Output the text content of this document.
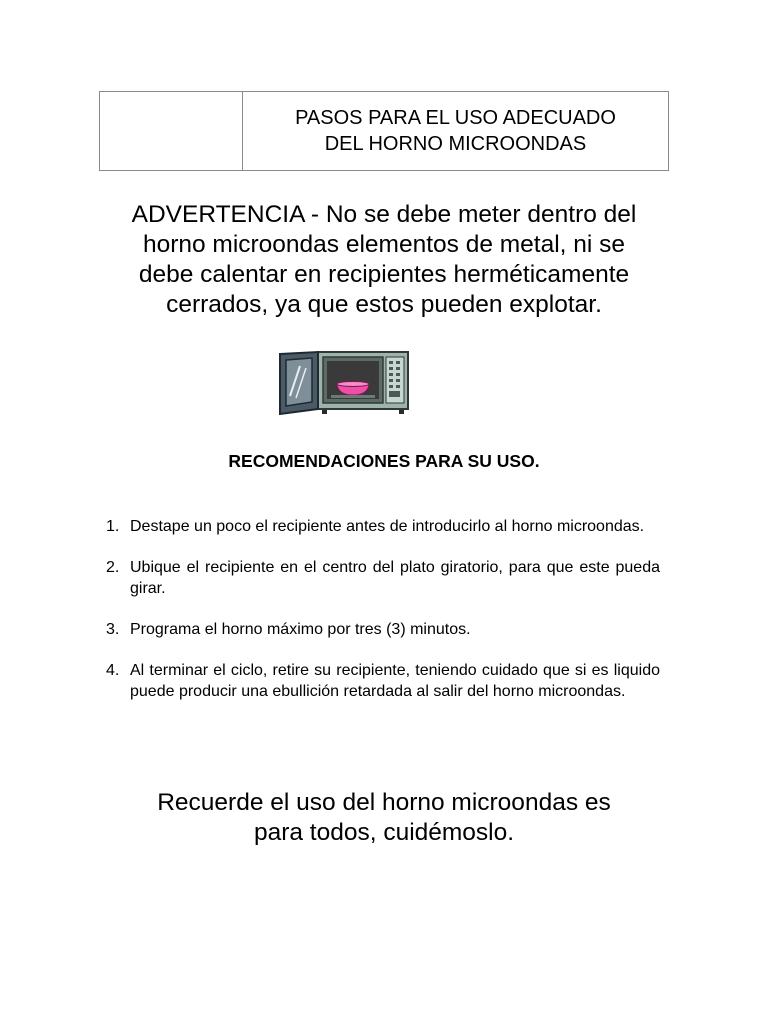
PASOS PARA EL USO ADECUADO
DEL HORNO MICROONDAS
ADVERTENCIA - No se debe meter dentro del
horno microondas elementos de metal, ni se
debe calentar en recipientes herméticamente
cerrados, ya que estos pueden explotar.
RECOMENDACIONES PARA SU USO.
1. Destape un poco el recipiente antes de introducirlo al horno microondas.
2. Ubique el recipiente en el centro del plato giratorio, para que este pueda girar.
3. Programa el horno máximo por tres (3) minutos.
4. Al terminar el ciclo, retire su recipiente, teniendo cuidado que si es liquido puede producir una ebullición retardada al salir del horno microondas.
Recuerde el uso del horno microondas es
para todos, cuidémoslo.
